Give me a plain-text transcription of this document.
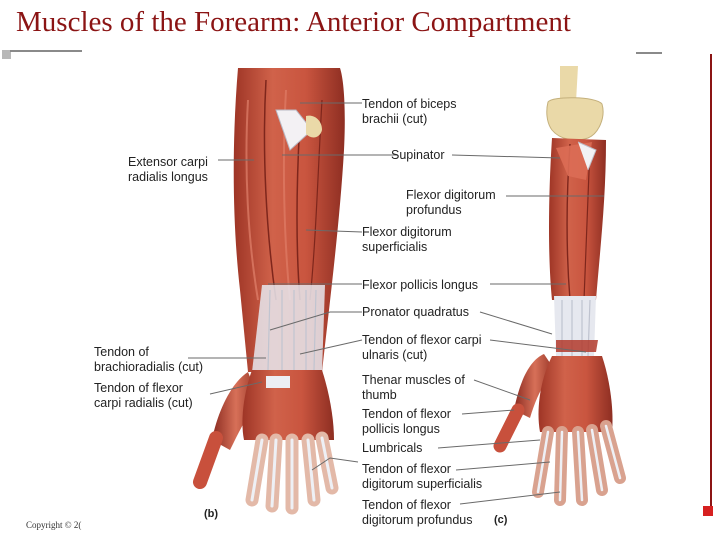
Muscles of the Forearm: Anterior Compartment
Extensor carpi
radialis longus
Tendon of
brachioradialis (cut)
Tendon of flexor
carpi radialis (cut)
Tendon of biceps
brachii (cut)
Supinator
Flexor digitorum
profundus
Flexor digitorum
superficialis
Flexor pollicis longus
Pronator quadratus
Tendon of flexor carpi
ulnaris (cut)
Thenar muscles of
thumb
Tendon of flexor
pollicis longus
Lumbricals
Tendon of flexor
digitorum superficialis
Tendon of flexor
digitorum profundus
(b)	(c)
Copyright © 2(
